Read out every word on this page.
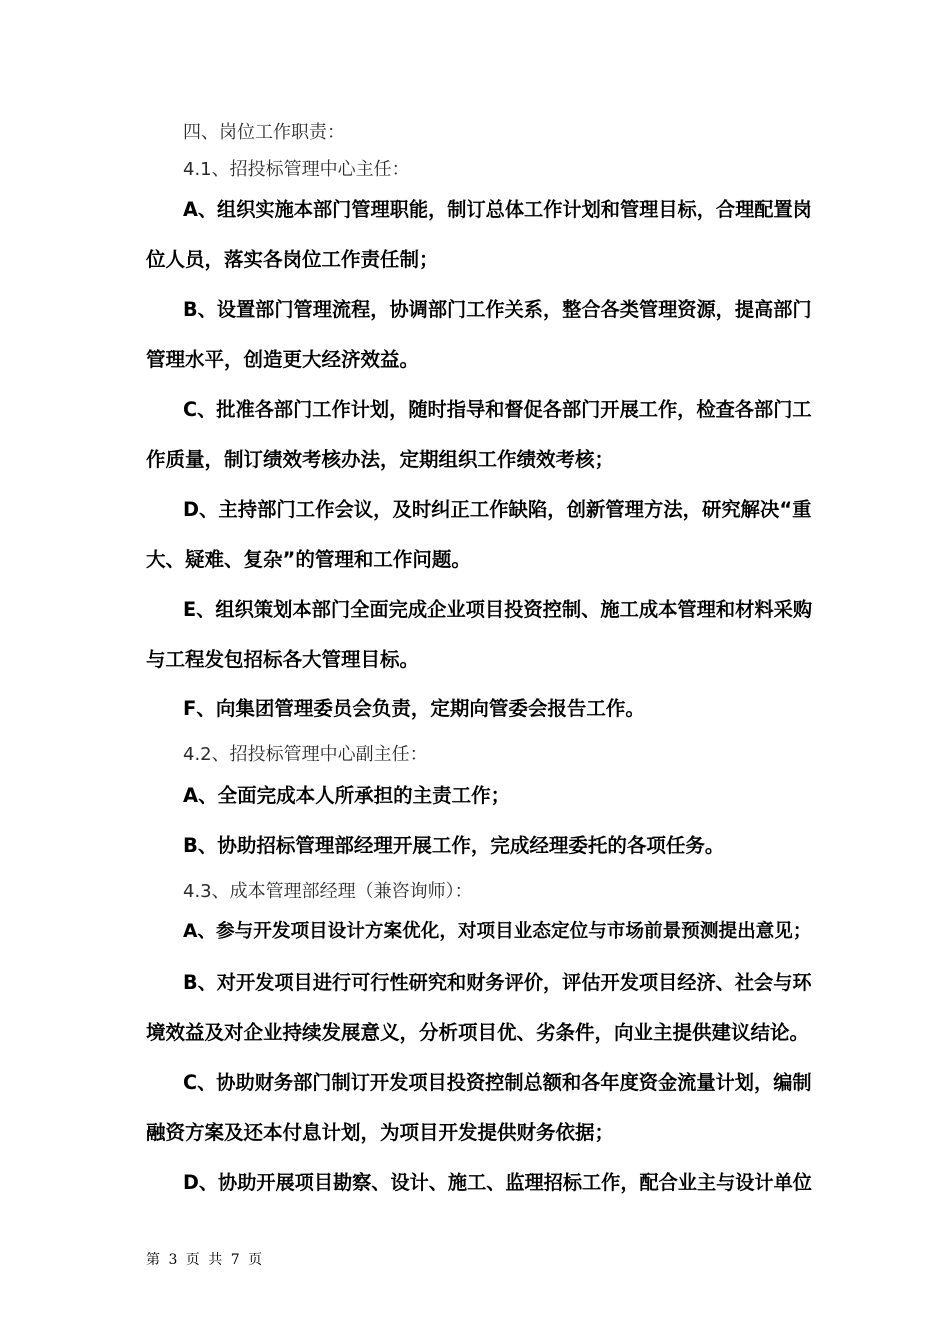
四、岗位工作职责：

4.1、招投标管理中心主任：

A、组织实施本部门管理职能，制订总体工作计划和管理目标，合理配置岗

位人员，落实各岗位工作责任制；

B、设置部门管理流程，协调部门工作关系，整合各类管理资源，提高部门

管理水平，创造更大经济效益。

C、批准各部门工作计划，随时指导和督促各部门开展工作，检查各部门工

作质量，制订绩效考核办法，定期组织工作绩效考核；

D、主持部门工作会议，及时纠正工作缺陷，创新管理方法，研究解决“重

大、疑难、复杂”的管理和工作问题。

E、组织策划本部门全面完成企业项目投资控制、施工成本管理和材料采购

与工程发包招标各大管理目标。

F、向集团管理委员会负责，定期向管委会报告工作。

4.2、招投标管理中心副主任：

A、全面完成本人所承担的主责工作；

B、协助招标管理部经理开展工作，完成经理委托的各项任务。

4.3、成本管理部经理（兼咨询师）：

A、参与开发项目设计方案优化，对项目业态定位与市场前景预测提出意见；

B、对开发项目进行可行性研究和财务评价，评估开发项目经济、社会与环

境效益及对企业持续发展意义，分析项目优、劣条件，向业主提供建议结论。

C、协助财务部门制订开发项目投资控制总额和各年度资金流量计划，编制

融资方案及还本付息计划，为项目开发提供财务依据；

D、协助开展项目勘察、设计、施工、监理招标工作，配合业主与设计单位

第 3 页 共 7 页
